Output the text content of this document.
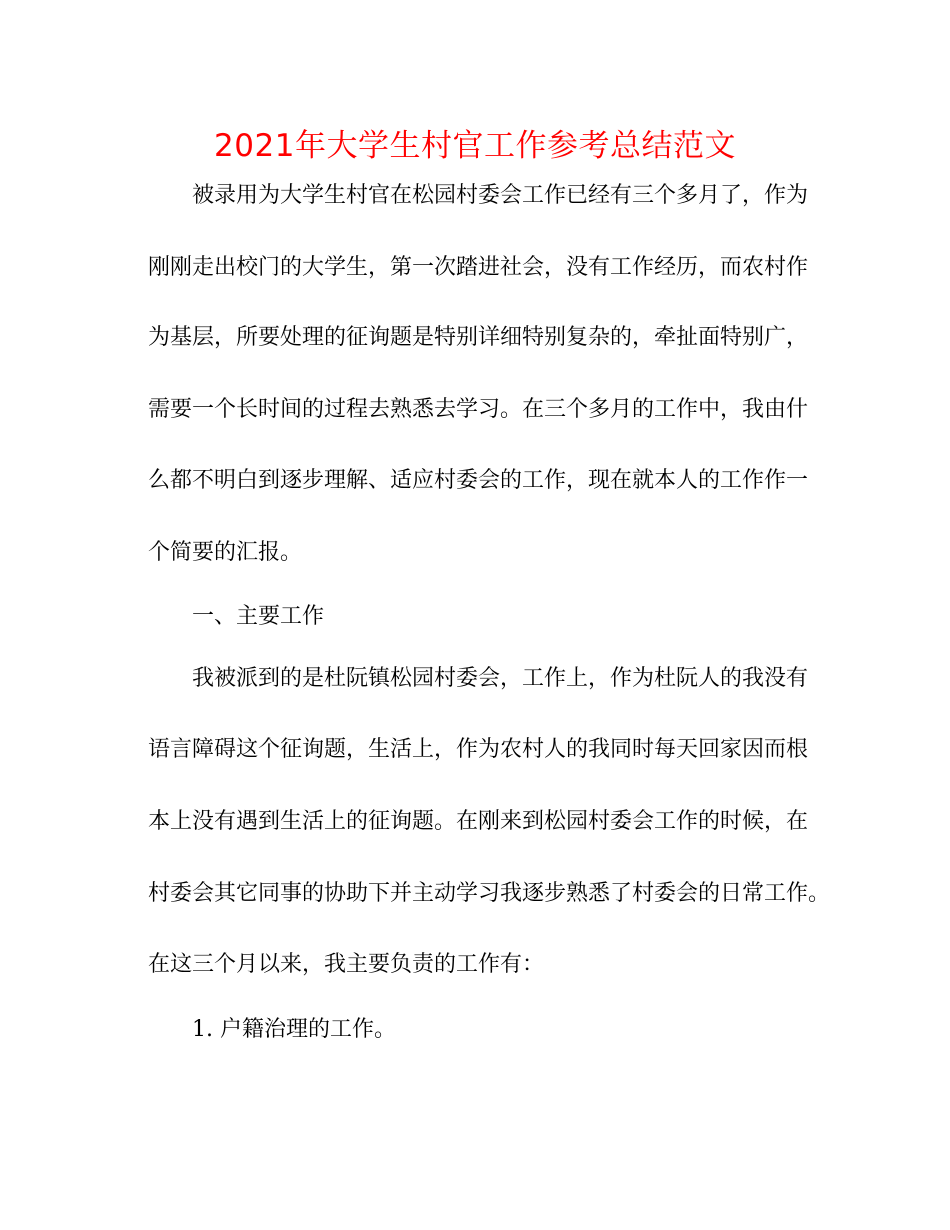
2021年大学生村官工作参考总结范文
被录用为大学生村官在松园村委会工作已经有三个多月了，作为
刚刚走出校门的大学生，第一次踏进社会，没有工作经历，而农村作
为基层，所要处理的征询题是特别详细特别复杂的，牵扯面特别广，
需要一个长时间的过程去熟悉去学习。在三个多月的工作中，我由什
么都不明白到逐步理解、适应村委会的工作，现在就本人的工作作一
个简要的汇报。
一、主要工作
我被派到的是杜阮镇松园村委会，工作上，作为杜阮人的我没有
语言障碍这个征询题，生活上，作为农村人的我同时每天回家因而根
本上没有遇到生活上的征询题。在刚来到松园村委会工作的时候，在
村委会其它同事的协助下并主动学习我逐步熟悉了村委会的日常工作。
在这三个月以来，我主要负责的工作有：
1. 户籍治理的工作。
